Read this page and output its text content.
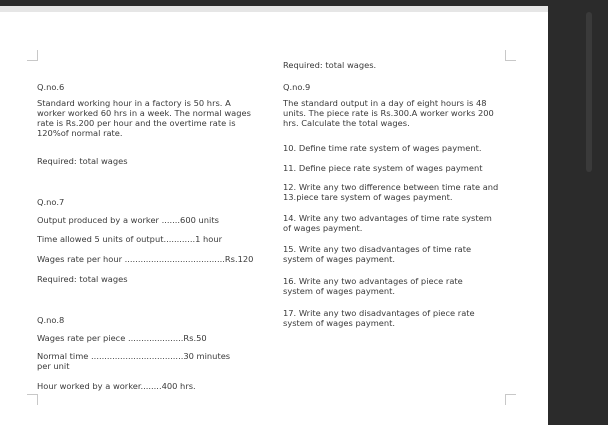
Q.no.6

Standard working hour in a factory is 50 hrs. A worker worked 60 hrs in a week. The normal wages rate is Rs.200 per hour and the overtime rate is 120%of normal rate.

Required: total wages

Q.no.7

Output produced by a worker .......600 units

Time allowed 5 units of output............1 hour

Wages rate per hour ......................................Rs.120

Required: total wages

Q.no.8

Wages rate per piece .....................Rs.50

Normal time ...................................30 minutes

per unit

Hour worked by a worker........400 hrs.

Required: total wages.

Q.no.9

The standard output in a day of eight hours is 48 units. The piece rate is Rs.300.A worker works 200 hrs. Calculate the total wages.

10. Define time rate system of wages payment.

11. Define piece rate system of wages payment

12. Write any two difference between time rate and 13.piece tare system of wages payment.

14. Write any two advantages of time rate system of wages payment.

15. Write any two disadvantages of time rate system of wages payment.

16. Write any two advantages of piece rate system of wages payment.

17. Write any two disadvantages of piece rate system of wages payment.
